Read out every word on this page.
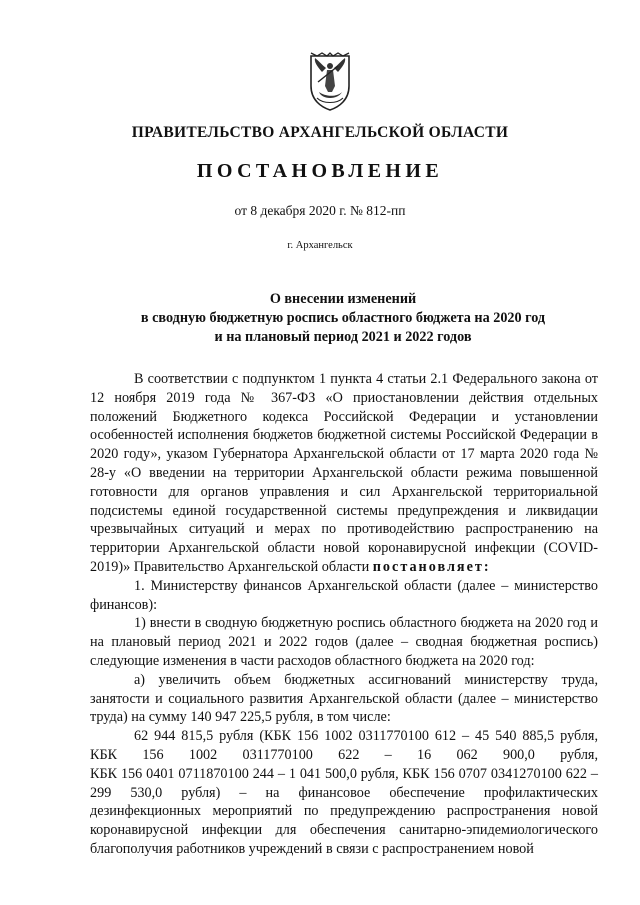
ПРАВИТЕЛЬСТВО АРХАНГЕЛЬСКОЙ ОБЛАСТИ
ПОСТАНОВЛЕНИЕ
от 8 декабря 2020 г. № 812-пп
г. Архангельск
О внесении изменений
в сводную бюджетную роспись областного бюджета на 2020 год
и на плановый период 2021 и 2022 годов

В соответствии с подпунктом 1 пункта 4 статьи 2.1 Федерального закона от 12 ноября 2019 года № 367-ФЗ «О приостановлении действия отдельных положений Бюджетного кодекса Российской Федерации и установлении особенностей исполнения бюджетов бюджетной системы Российской Федерации в 2020 году», указом Губернатора Архангельской области от 17 марта 2020 года № 28-у «О введении на территории Архангельской области режима повышенной готовности для органов управления и сил Архангельской территориальной подсистемы единой государственной системы предупреждения и ликвидации чрезвычайных ситуаций и мерах по противодействию распространению на территории Архангельской области новой коронавирусной инфекции (COVID-2019)» Правительство Архангельской области постановляет:

1. Министерству финансов Архангельской области (далее – министерство финансов):

1) внести в сводную бюджетную роспись областного бюджета на 2020 год и на плановый период 2021 и 2022 годов (далее – сводная бюджетная роспись) следующие изменения в части расходов областного бюджета на 2020 год:

а) увеличить объем бюджетных ассигнований министерству труда, занятости и социального развития Архангельской области (далее – министерство труда) на сумму 140 947 225,5 рубля, в том числе:

62 944 815,5 рубля (КБК 156 1002 0311770100 612 – 45 540 885,5 рубля,
КБК 156 1002 0311770100 622 – 16 062 900,0 рубля,
КБК 156 0401 0711870100 244 – 1 041 500,0 рубля, КБК 156 0707 0341270100 622 –

299 530,0 рубля) – на финансовое обеспечение профилактических дезинфекционных мероприятий по предупреждению распространения новой коронавирусной инфекции для обеспечения санитарно-эпидемиологического благополучия работников учреждений в связи с распространением новой
